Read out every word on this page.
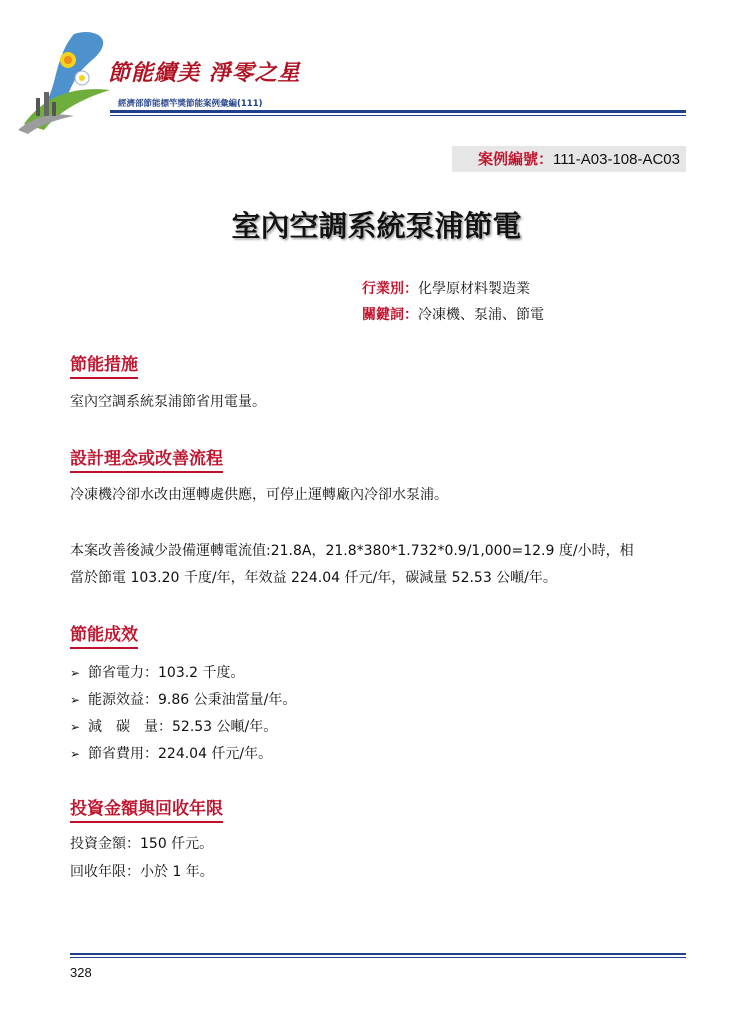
節能續美 淨零之星
經濟部節能標竿獎節能案例彙編(111)
案例編號：111-A03-108-AC03
室內空調系統泵浦節電
行業別：化學原材料製造業
關鍵詞：冷凍機、泵浦、節電
節能措施
室內空調系統泵浦節省用電量。
設計理念或改善流程
冷凍機冷卻水改由運轉處供應，可停止運轉廠內冷卻水泵浦。
本案改善後減少設備運轉電流值:21.8A，21.8*380*1.732*0.9/1,000=12.9 度/小時，相
當於節電 103.20 千度/年，年效益 224.04 仟元/年，碳減量 52.53 公噸/年。
節能成效
➢ 節省電力：103.2 千度。
➢ 能源效益：9.86 公秉油當量/年。
➢ 減　碳　量：52.53 公噸/年。
➢ 節省費用：224.04 仟元/年。
投資金額與回收年限
投資金額：150 仟元。
回收年限：小於 1 年。
328
